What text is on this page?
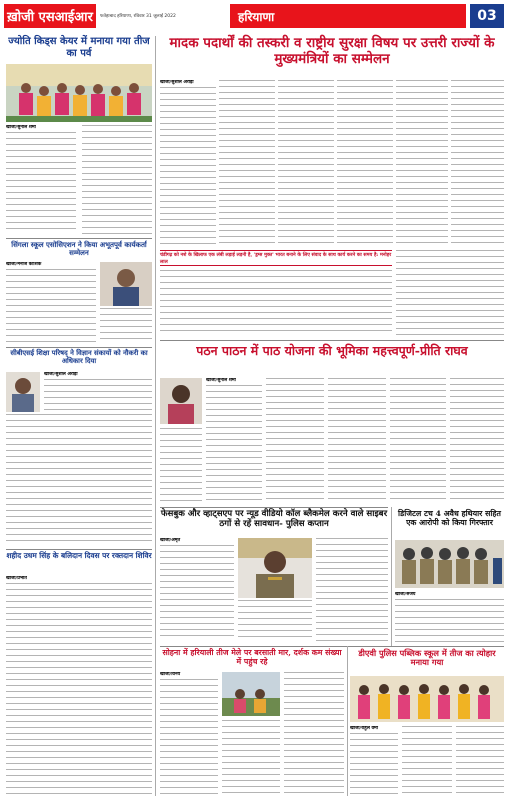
ख़ोजी एसआईआर	फतेहाबाद हरियाणा, रविवार 31 जुलाई 2022	हरियाणा	03
ज्योति किड्स केयर में मनाया गया तीज का पर्व
खोजी/सुनील शर्मा
सिंगला स्कूल एसोसिएशन ने किया अभूतपूर्व कार्यकर्ता सम्मेलन
खोजी/मनोज कौशिक
सीबीएसई शिक्षा परिषद् ने विज्ञान संकायों को नौकरी का अधिकार दिया
खोजी/सुशील अरोड़ा
शहीद उधम सिंह के बलिदान दिवस पर रक्तदान शिविर
खोजी/प्रभात
मादक पदार्थों की तस्करी व राष्ट्रीय सुरक्षा विषय पर उत्तरी राज्यों के मुख्यमंत्रियों का सम्मेलन
खोजी/सुशील अरोड़ा
चंडीगढ़ को नशे के खिलाफ एक लंबी लड़ाई लड़नी है, 'ड्रग्स मुक्त' भारत बनाने के लिए संवाद के साथ कार्य करने का समय है: मनोहर लाल
पठन पाठन में पाठ योजना की भूमिका महत्त्वपूर्ण-प्रीति राघव
खोजी/सुनील शर्मा
फेसबुक और व्हाट्सएप पर न्यूड वीडियो कॉल ब्लैकमेल करने वाले साइबर ठगों से रहें सावधान- पुलिस कप्तान
खोजी/अमृत
डिजिटल टच 4 अवैध हथियार सहित एक आरोपी को किया गिरफ्तार
खोजी/संजय
सोहना में हरियाली तीज मेले पर बरसाती मार, दर्शक कम संख्या में पहुंच रहे
खोजी/विनय
डीएवी पुलिस पब्लिक स्कूल में तीज का त्योहार मनाया गया
खोजी/राहुल वर्मा
